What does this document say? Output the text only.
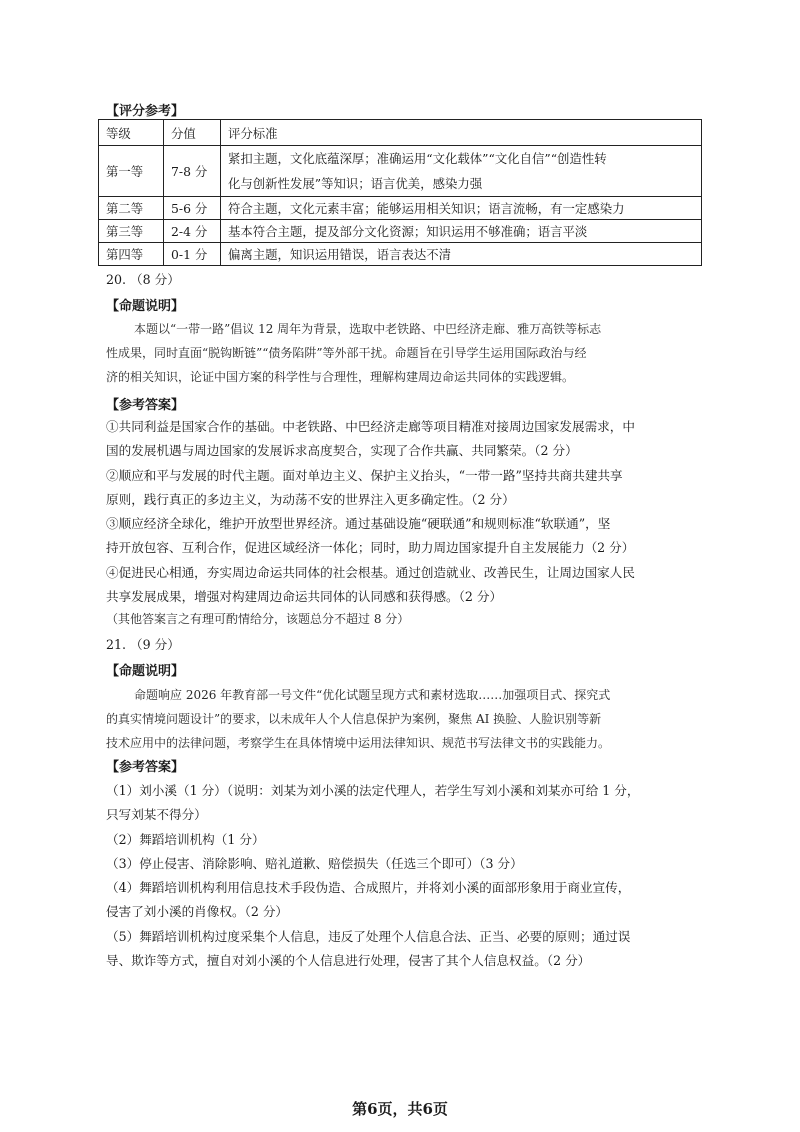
【评分参考】
等级	分值	评分标准
第一等	7-8 分	紧扣主题，文化底蕴深厚；准确运用“文化载体”“文化自信”“创造性转
化与创新性发展”等知识；语言优美，感染力强

第二等	5-6 分	符合主题，文化元素丰富；能够运用相关知识；语言流畅，有一定感染力
第三等	2-4 分	基本符合主题，提及部分文化资源；知识运用不够准确；语言平淡
第四等	0-1 分	偏离主题，知识运用错误，语言表达不清
20. （8 分）
【命题说明】
本题以“一带一路”倡议 12 周年为背景，选取中老铁路、中巴经济走廊、雅万高铁等标志
性成果，同时直面“脱钩断链”“债务陷阱”等外部干扰。命题旨在引导学生运用国际政治与经
济的相关知识，论证中国方案的科学性与合理性，理解构建周边命运共同体的实践逻辑。
【参考答案】
①共同利益是国家合作的基础。中老铁路、中巴经济走廊等项目精准对接周边国家发展需求，中
国的发展机遇与周边国家的发展诉求高度契合，实现了合作共赢、共同繁荣。（2 分）
②顺应和平与发展的时代主题。面对单边主义、保护主义抬头，“一带一路”坚持共商共建共享
原则，践行真正的多边主义，为动荡不安的世界注入更多确定性。（2 分）
③顺应经济全球化，维护开放型世界经济。通过基础设施“硬联通”和规则标准“软联通”，坚
持开放包容、互利合作，促进区域经济一体化；同时，助力周边国家提升自主发展能力（2 分）
④促进民心相通，夯实周边命运共同体的社会根基。通过创造就业、改善民生，让周边国家人民
共享发展成果，增强对构建周边命运共同体的认同感和获得感。（2 分）
（其他答案言之有理可酌情给分，该题总分不超过 8 分）
21. （9 分）
【命题说明】
命题响应 2026 年教育部一号文件“优化试题呈现方式和素材选取……加强项目式、探究式
的真实情境问题设计”的要求，以未成年人个人信息保护为案例，聚焦 AI 换脸、人脸识别等新
技术应用中的法律问题，考察学生在具体情境中运用法律知识、规范书写法律文书的实践能力。
【参考答案】
（1）刘小溪（1 分）（说明：刘某为刘小溪的法定代理人，若学生写刘小溪和刘某亦可给 1 分，
只写刘某不得分）
（2）舞蹈培训机构（1 分）
（3）停止侵害、消除影响、赔礼道歉、赔偿损失（任选三个即可）（3 分）
（4）舞蹈培训机构利用信息技术手段伪造、合成照片，并将刘小溪的面部形象用于商业宣传，
侵害了刘小溪的肖像权。（2 分）
（5）舞蹈培训机构过度采集个人信息，违反了处理个人信息合法、正当、必要的原则；通过误
导、欺诈等方式，擅自对刘小溪的个人信息进行处理，侵害了其个人信息权益。（2 分）
第6页，共6页
